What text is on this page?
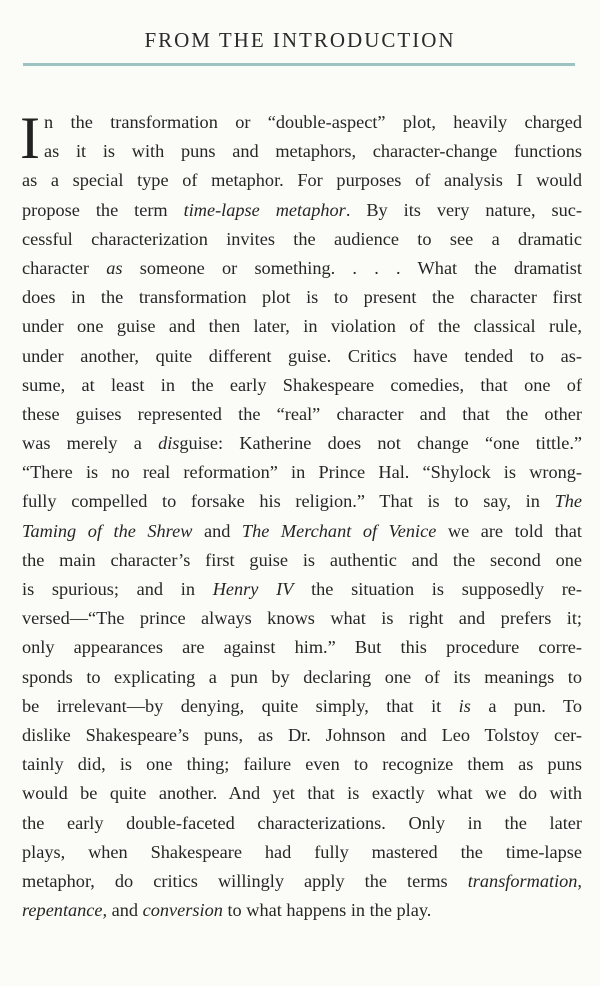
FROM THE INTRODUCTION
I n the transformation or “double-aspect” plot, heavily charged
as it is with puns and metaphors, character-change functions
as a special type of metaphor. For purposes of analysis I would
propose the term time-lapse metaphor. By its very nature, suc-
cessful characterization invites the audience to see a dramatic
character as someone or something. . . . What the dramatist
does in the transformation plot is to present the character first
under one guise and then later, in violation of the classical rule,
under another, quite different guise. Critics have tended to as-
sume, at least in the early Shakespeare comedies, that one of
these guises represented the “real” character and that the other
was merely a disguise: Katherine does not change “one tittle.”
“There is no real reformation” in Prince Hal. “Shylock is wrong-
fully compelled to forsake his religion.” That is to say, in The
Taming of the Shrew and The Merchant of Venice we are told that
the main character’s first guise is authentic and the second one
is spurious; and in Henry IV the situation is supposedly re-
versed—“The prince always knows what is right and prefers it;
only appearances are against him.” But this procedure corre-
sponds to explicating a pun by declaring one of its meanings to
be irrelevant—by denying, quite simply, that it is a pun. To
dislike Shakespeare’s puns, as Dr. Johnson and Leo Tolstoy cer-
tainly did, is one thing; failure even to recognize them as puns
would be quite another. And yet that is exactly what we do with
the early double-faceted characterizations. Only in the later
plays, when Shakespeare had fully mastered the time-lapse
metaphor, do critics willingly apply the terms transformation,
repentance, and conversion to what happens in the play.
